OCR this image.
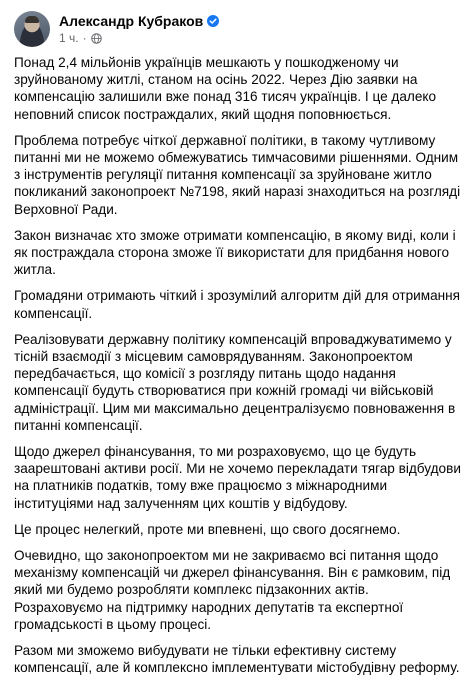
Александр Кубраков
1 ч. ·

Понад 2,4 мільйонів українців мешкають у пошкодженому чи зруйнованому житлі, станом на осінь 2022. Через Дію заявки на компенсацію залишили вже понад 316 тисяч українців. І це далеко неповний список постраждалих, який щодня поповнюється.

Проблема потребує чіткої державної політики, в такому чутливому питанні ми не можемо обмежуватись тимчасовими рішеннями. Одним з інструментів регуляції питання компенсації за зруйноване житло покликаний законопроект №7198, який наразі знаходиться на розгляді Верховної Ради.

Закон визначає хто зможе отримати компенсацію, в якому виді, коли і як постраждала сторона зможе її використати для придбання нового житла.

Громадяни отримають чіткий і зрозумілий алгоритм дій для отримання компенсації.

Реалізовувати державну політику компенсацій впроваджуватимемо у тісній взаємодії з місцевим самоврядуванням. Законопроектом передбачається, що комісії з розгляду питань щодо надання компенсації будуть створюватися при кожній громаді чи військовій адміністрації. Цим ми максимально децентралізуємо повноваження в питанні компенсації.

Щодо джерел фінансування, то ми розраховуємо, що це будуть заарештовані активи росії. Ми не хочемо перекладати тягар відбудови на платників податків, тому вже працюємо з міжнародними інституціями над залученням цих коштів у відбудову.

Це процес нелегкий, проте ми впевнені, що свого досягнемо.

Очевидно, що законопроектом ми не закриваємо всі питання щодо механізму компенсацій чи джерел фінансування. Він є рамковим, під який ми будемо розробляти комплекс підзаконних актів. Розраховуємо на підтримку народних депутатів та експертної громадськості в цьому процесі.

Разом ми зможемо вибудувати не тільки ефективну систему компенсації, але й комплексно імплементувати містобудівну реформу.
